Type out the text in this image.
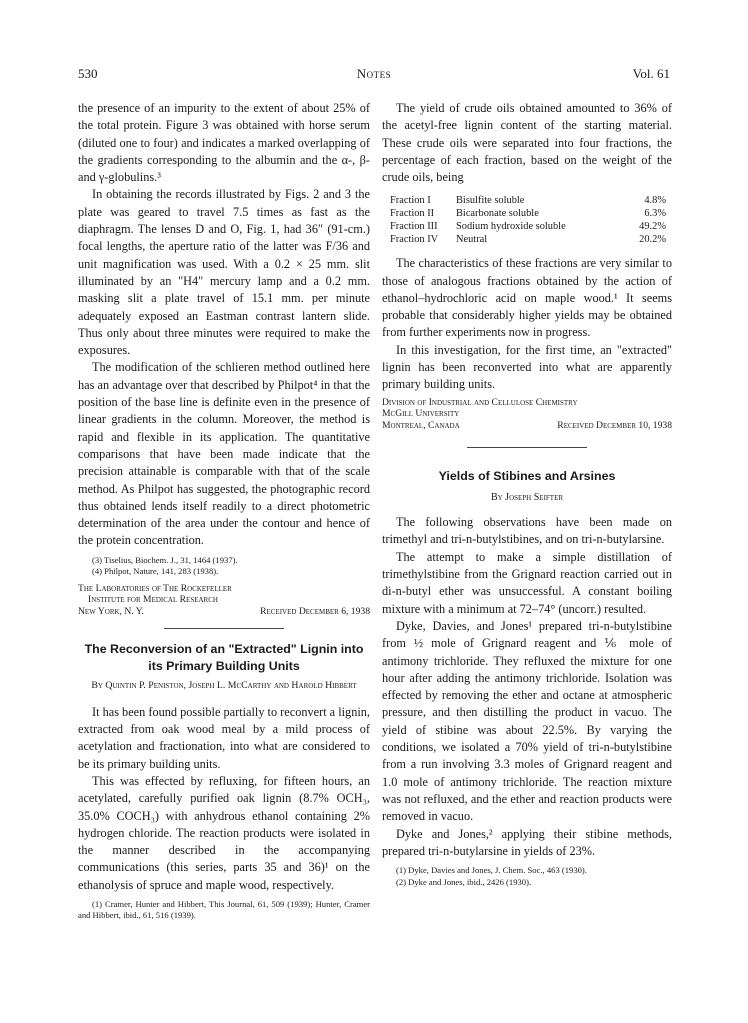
530	Notes	Vol. 61

the presence of an impurity to the extent of about 25% of the total protein. Figure 3 was obtained with horse serum (diluted one to four) and indicates a marked overlapping of the gradients corresponding to the albumin and the α-, β- and γ-globulins.³

In obtaining the records illustrated by Figs. 2 and 3 the plate was geared to travel 7.5 times as fast as the diaphragm. The lenses D and O, Fig. 1, had 36″ (91-cm.) focal lengths, the aperture ratio of the latter was F/36 and unit magnification was used. With a 0.2 × 25 mm. slit illuminated by an "H4" mercury lamp and a 0.2 mm. masking slit a plate travel of 15.1 mm. per minute adequately exposed an Eastman contrast lantern slide. Thus only about three minutes were required to make the exposures.

The modification of the schlieren method outlined here has an advantage over that described by Philpot⁴ in that the position of the base line is definite even in the presence of linear gradients in the column. Moreover, the method is rapid and flexible in its application. The quantitative comparisons that have been made indicate that the precision attainable is comparable with that of the scale method. As Philpot has suggested, the photographic record thus obtained lends itself readily to a direct photometric determination of the area under the contour and hence of the protein concentration.

(3) Tiselius, Biochem. J., 31, 1464 (1937).

(4) Philpot, Nature, 141, 283 (1938).

The Laboratories of The Rockefeller
Institute for Medical Research
New York, N. Y.	Received December 6, 1938
The Reconversion of an "Extracted" Lignin into its Primary Building Units
By Quintin P. Peniston, Joseph L. McCarthy and Harold Hibbert

It has been found possible partially to reconvert a lignin, extracted from oak wood meal by a mild process of acetylation and fractionation, into what are considered to be its primary building units.

This was effected by refluxing, for fifteen hours, an acetylated, carefully purified oak lignin (8.7% OCH₃, 35.0% COCH₃) with anhydrous ethanol containing 2% hydrogen chloride. The reaction products were isolated in the manner described in the accompanying communications (this series, parts 35 and 36)¹ on the ethanolysis of spruce and maple wood, respectively.

(1) Cramer, Hunter and Hibbert, This Journal, 61, 509 (1939); Hunter, Cramer and Hibbert, ibid., 61, 516 (1939).

The yield of crude oils obtained amounted to 36% of the acetyl-free lignin content of the starting material. These crude oils were separated into four fractions, the percentage of each fraction, based on the weight of the crude oils, being

Fraction I	Bisulfite soluble	4.8%
Fraction II	Bicarbonate soluble	6.3%
Fraction III	Sodium hydroxide soluble	49.2%
Fraction IV	Neutral	20.2%

The characteristics of these fractions are very similar to those of analogous fractions obtained by the action of ethanol–hydrochloric acid on maple wood.¹ It seems probable that considerably higher yields may be obtained from further experiments now in progress.

In this investigation, for the first time, an "extracted" lignin has been reconverted into what are apparently primary building units.

Division of Industrial and Cellulose Chemistry
McGill University
Montreal, Canada	Received December 10, 1938
Yields of Stibines and Arsines
By Joseph Seifter

The following observations have been made on trimethyl and tri-n-butylstibines, and on tri-n-butylarsine.

The attempt to make a simple distillation of trimethylstibine from the Grignard reaction carried out in di-n-butyl ether was unsuccessful. A constant boiling mixture with a minimum at 72–74° (uncorr.) resulted.

Dyke, Davies, and Jones¹ prepared tri-n-butylstibine from ½ mole of Grignard reagent and ⅙ mole of antimony trichloride. They refluxed the mixture for one hour after adding the antimony trichloride. Isolation was effected by removing the ether and octane at atmospheric pressure, and then distilling the product in vacuo. The yield of stibine was about 22.5%. By varying the conditions, we isolated a 70% yield of tri-n-butylstibine from a run involving 3.3 moles of Grignard reagent and 1.0 mole of antimony trichloride. The reaction mixture was not refluxed, and the ether and reaction products were removed in vacuo.

Dyke and Jones,² applying their stibine methods, prepared tri-n-butylarsine in yields of 23%.

(1) Dyke, Davies and Jones, J. Chem. Soc., 463 (1930).

(2) Dyke and Jones, ibid., 2426 (1930).
